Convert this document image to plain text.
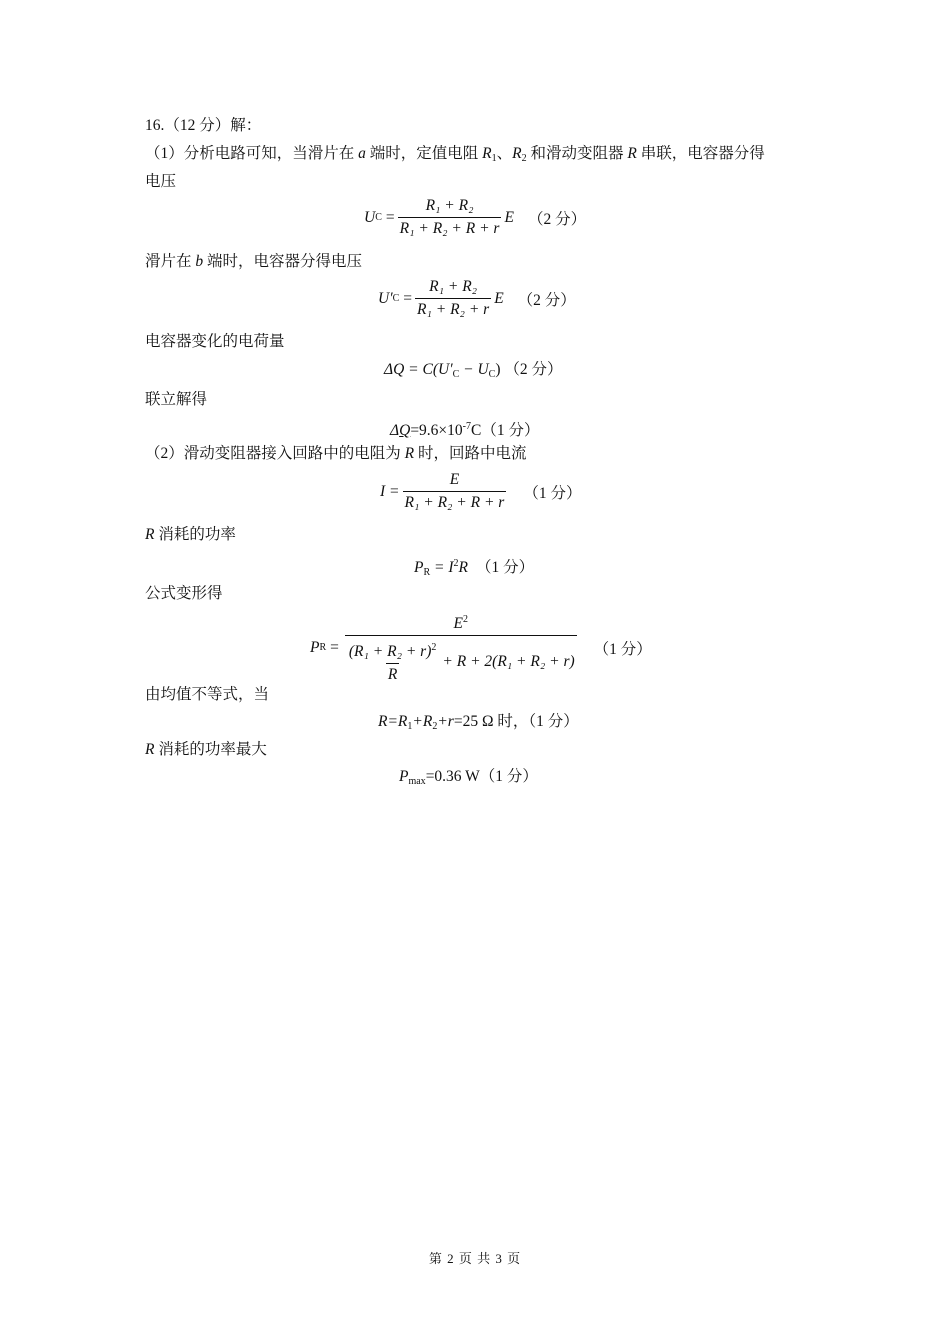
16.（12 分）解：
（1）分析电路可知，当滑片在 a 端时，定值电阻 $R_1$、$R_2$ 和滑动变阻器 R 串联，电容器分得
电压
U $C = \frac{\text{R₁ + R₂}}{\text{R₁ + R₂ + R + r}}$ E （2 分）
滑片在 b 端时，电容器分得电压
U′ $C = \frac{\text{R₁ + R₂}}{\text{R₁ + R₂ + r}}$ E （2 分）
电容器变化的电荷量
$\Delta Q = C(U'_C - U_C)$ （2 分）
联立解得
$\Delta Q=9.6\times 10^{-7}C(1$ 分）
（2）滑动变阻器接入回路中的电阻为 R 时，回路中电流
$I = \frac{E}{\text{R₁ + R₂ + R + r}} (1$ 分）
R 消耗的功率
$P_R = I^2R$ （1 分）
公式变形得
P $R = \frac{E^2}{\frac{(R_1 + R_2 + r)^2}{R} + R + 2(R_1 + R_2 + r)} (1$ 分）
由均值不等式，当
$R=R_1+R_2+r=25$ Ω 时，（1 分）
R 消耗的功率最大
$P_{max}=0.36$ W（1 分）
第 2 页 共 3 页
